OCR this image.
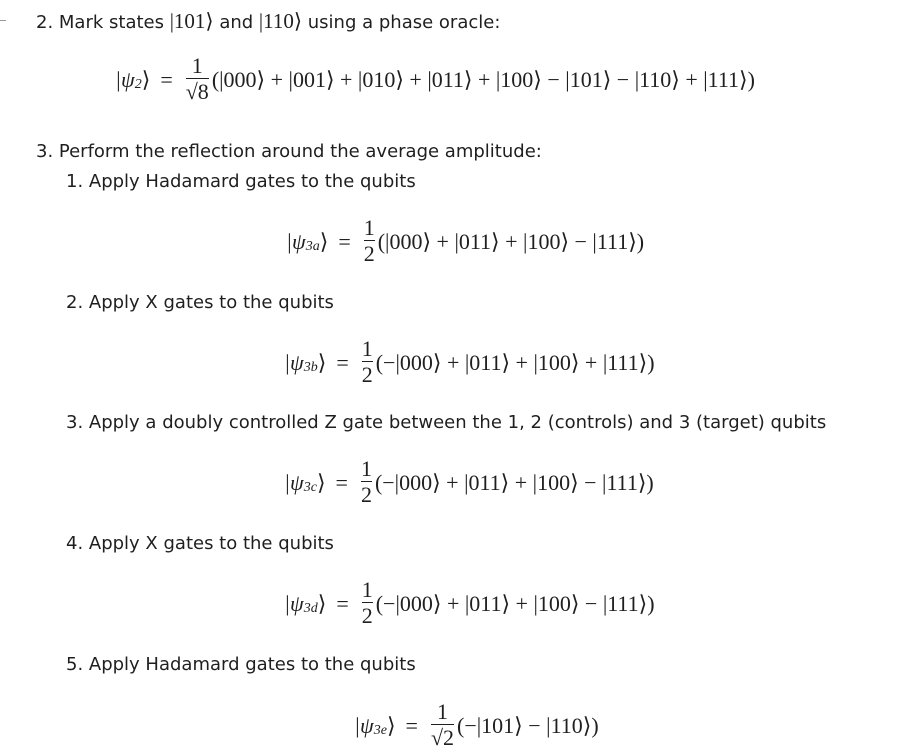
2. Mark states |101⟩ and |110⟩ using a phase oracle:
|ψ 2 ⟩ = $\frac{1}{√8}$ (|000⟩ + |001⟩ + |010⟩ + |011⟩ + |100⟩ − |101⟩ − |110⟩ + |111⟩)
3. Perform the reflection around the average amplitude:
1. Apply Hadamard gates to the qubits
|ψ 3a ⟩ = $\frac{1}{2}$ (|000⟩ + |011⟩ + |100⟩ − |111⟩)
2. Apply X gates to the qubits
|ψ 3b ⟩ = $\frac{1}{2}$ (−|000⟩ + |011⟩ + |100⟩ + |111⟩)
3. Apply a doubly controlled Z gate between the 1, 2 (controls) and 3 (target) qubits
|ψ 3c ⟩ = $\frac{1}{2}$ (−|000⟩ + |011⟩ + |100⟩ − |111⟩)
4. Apply X gates to the qubits
|ψ 3d ⟩ = $\frac{1}{2}$ (−|000⟩ + |011⟩ + |100⟩ − |111⟩)
5. Apply Hadamard gates to the qubits
|ψ 3e ⟩ = $\frac{1}{√2}$ (−|101⟩ − |110⟩)
